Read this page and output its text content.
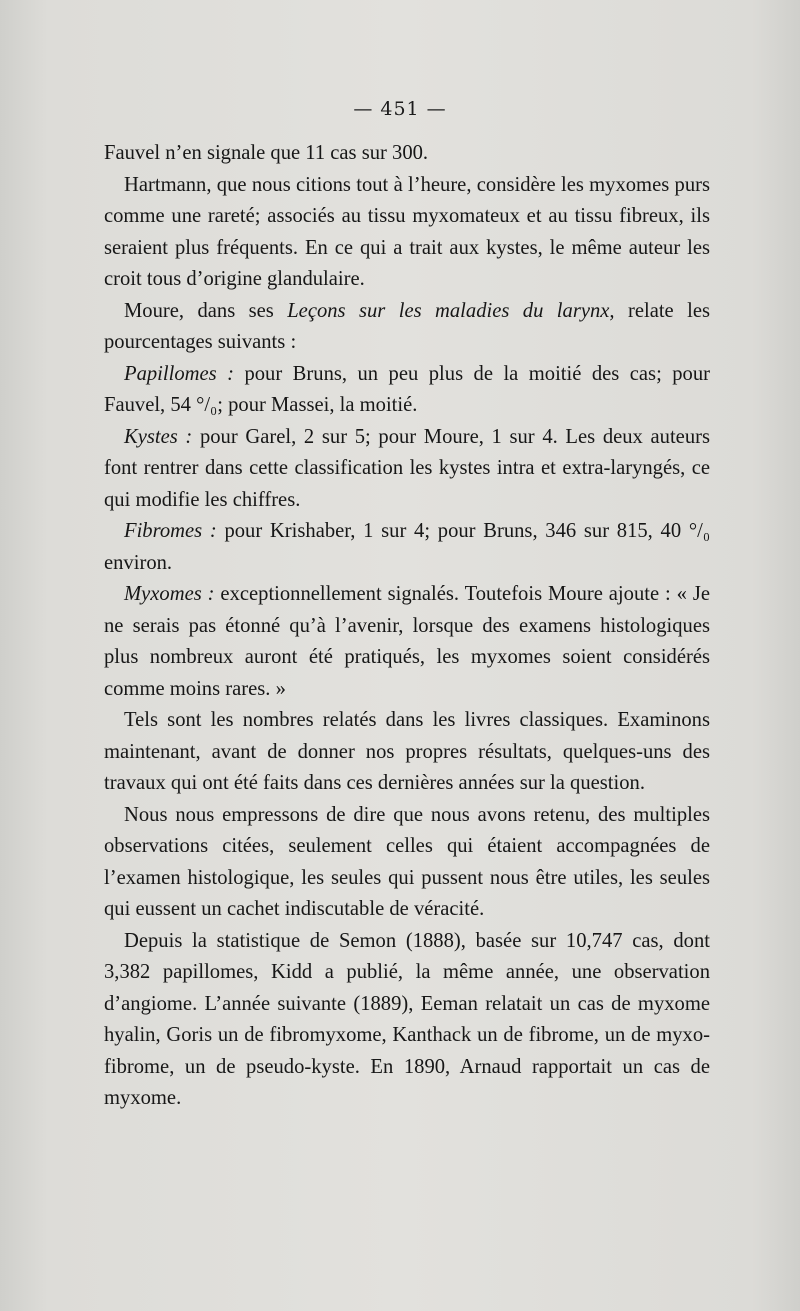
— 451 —

Fauvel n’en signale que 11 cas sur 300.

Hartmann, que nous citions tout à l’heure, considère les myxomes purs comme une rareté; associés au tissu myxomateux et au tissu fibreux, ils seraient plus fréquents. En ce qui a trait aux kystes, le même auteur les croit tous d’origine glandulaire.

Moure, dans ses Leçons sur les maladies du larynx, relate les pourcentages suivants :

Papillomes : pour Bruns, un peu plus de la moitié des cas; pour Fauvel, 54 °/₀; pour Massei, la moitié.

Kystes : pour Garel, 2 sur 5; pour Moure, 1 sur 4. Les deux auteurs font rentrer dans cette classification les kystes intra et extra-laryngés, ce qui modifie les chiffres.

Fibromes : pour Krishaber, 1 sur 4; pour Bruns, 346 sur 815, 40 °/₀ environ.

Myxomes : exceptionnellement signalés. Toutefois Moure ajoute : « Je ne serais pas étonné qu’à l’avenir, lorsque des examens histologiques plus nombreux auront été pratiqués, les myxomes soient considérés comme moins rares. »

Tels sont les nombres relatés dans les livres classiques. Examinons maintenant, avant de donner nos propres résultats, quelques-uns des travaux qui ont été faits dans ces dernières années sur la question.

Nous nous empressons de dire que nous avons retenu, des multiples observations citées, seulement celles qui étaient accompagnées de l’examen histologique, les seules qui pussent nous être utiles, les seules qui eussent un cachet indiscutable de véracité.

Depuis la statistique de Semon (1888), basée sur 10,747 cas, dont 3,382 papillomes, Kidd a publié, la même année, une observation d’angiome. L’année suivante (1889), Eeman relatait un cas de myxome hyalin, Goris un de fibromyxome, Kanthack un de fibrome, un de myxo-fibrome, un de pseudo-kyste. En 1890, Arnaud rapportait un cas de myxome.
